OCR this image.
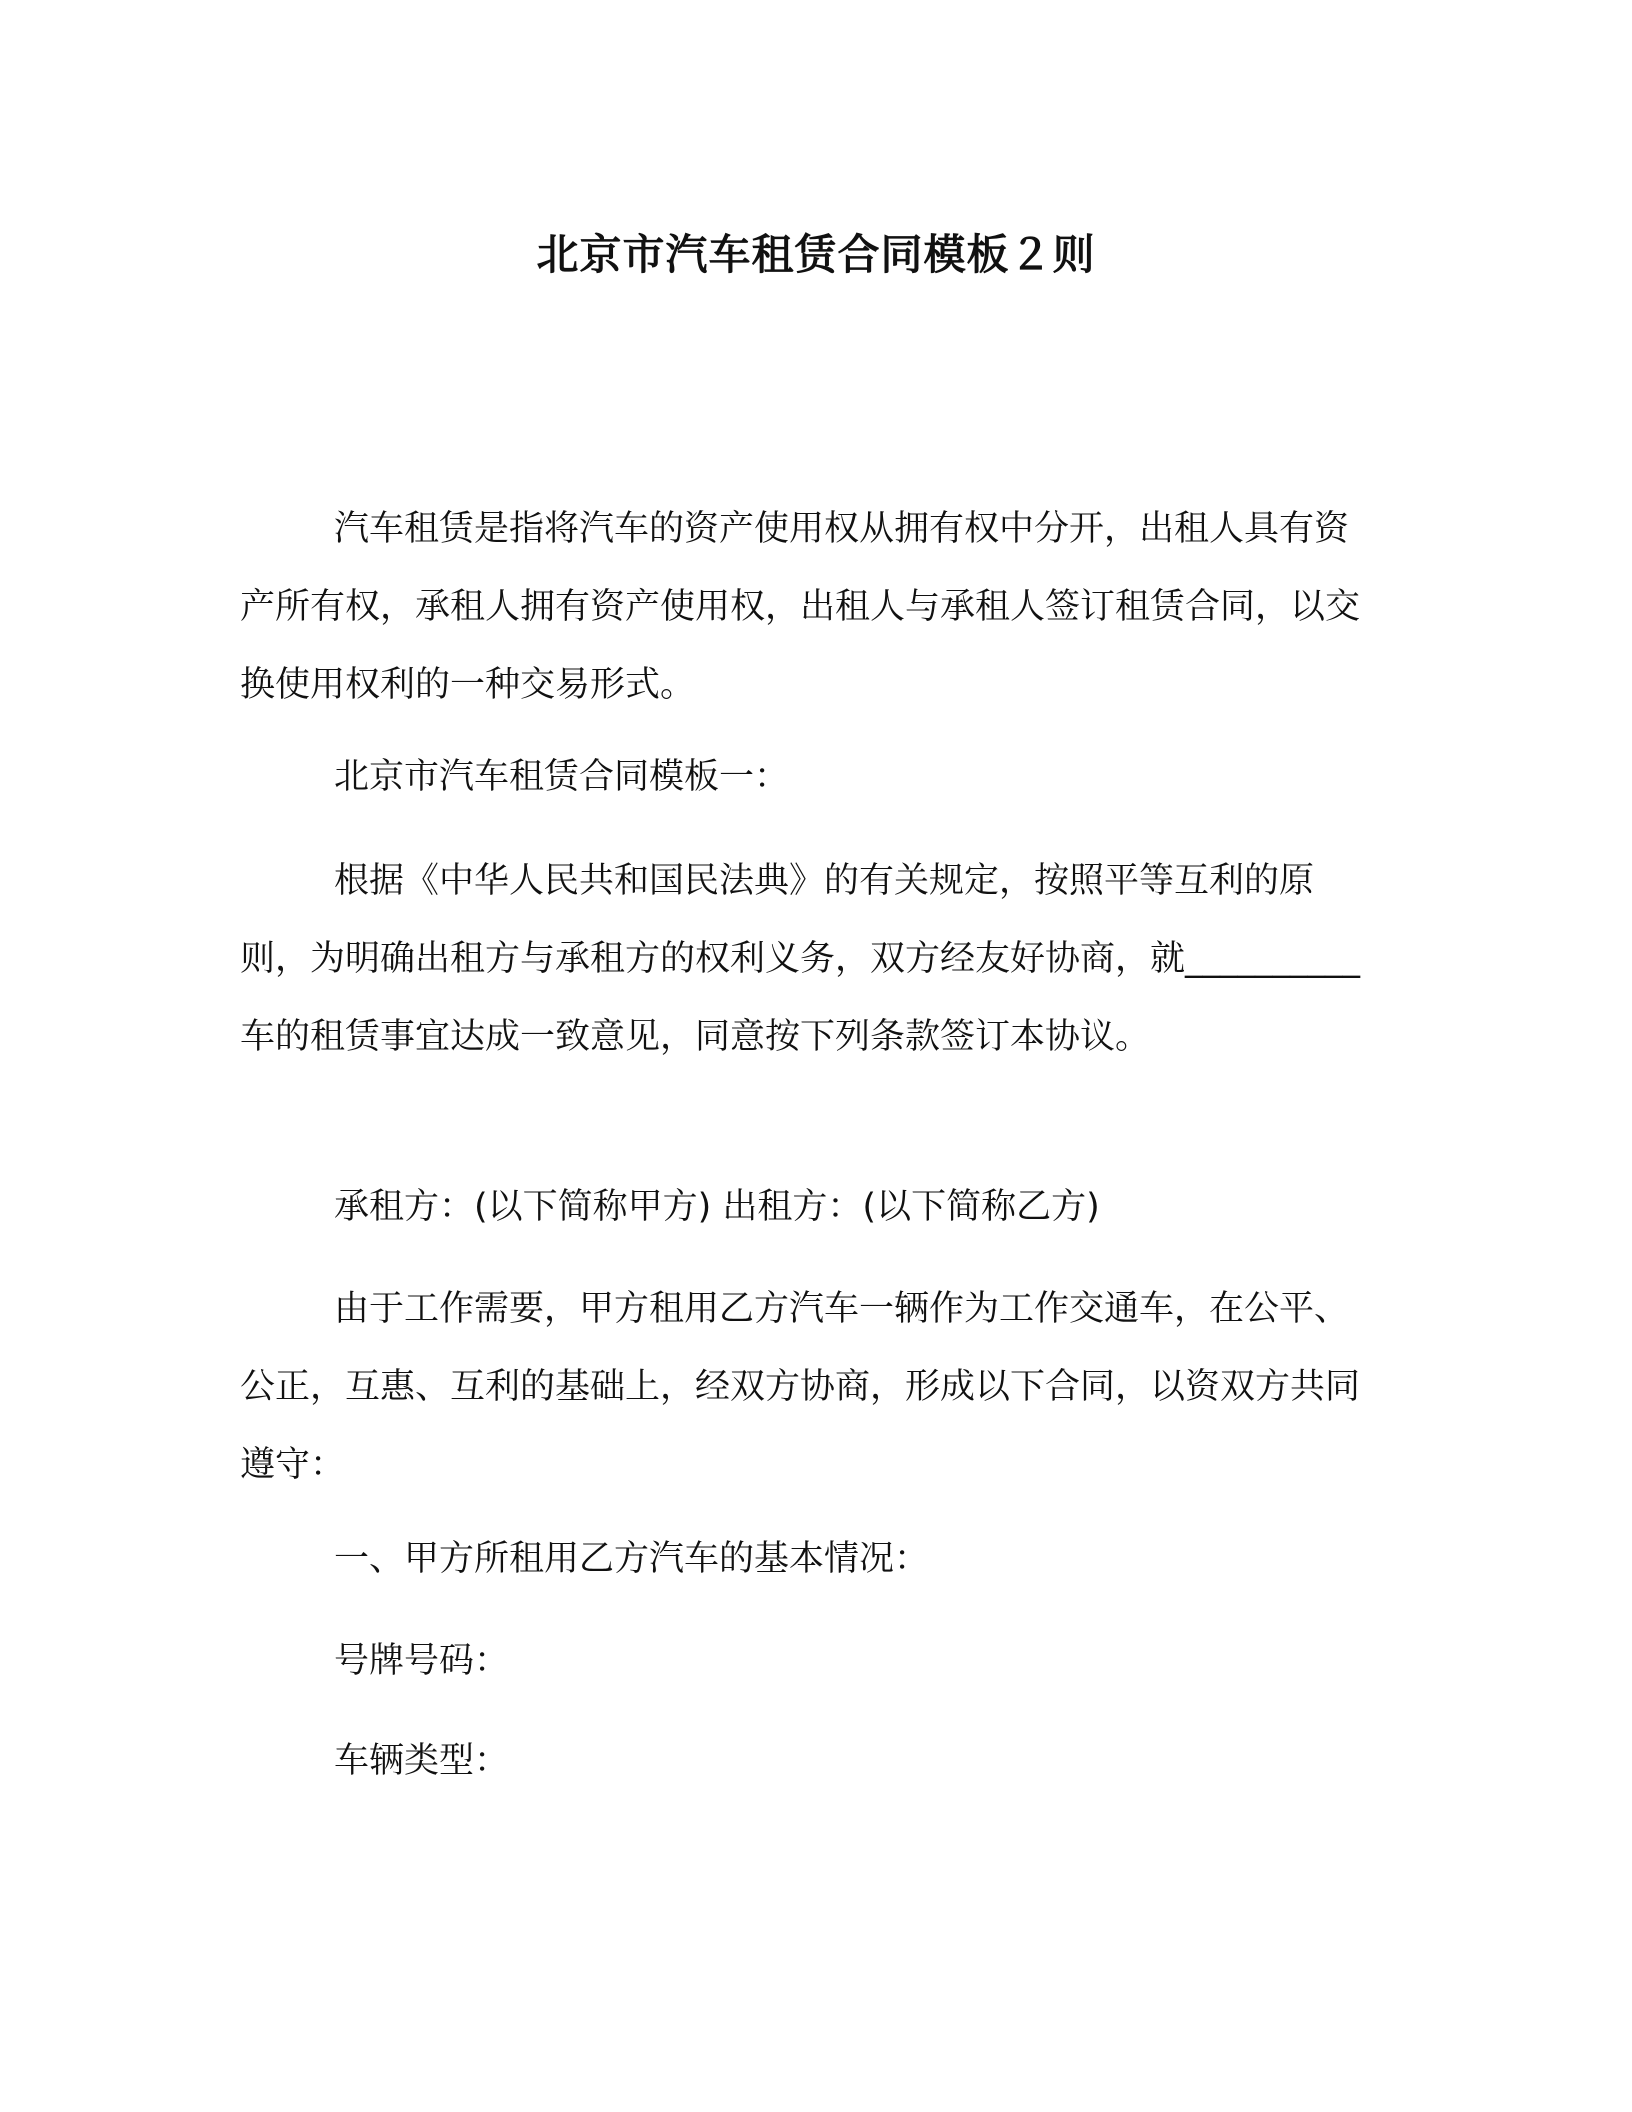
北京市汽车租赁合同模板２则

汽车租赁是指将汽车的资产使用权从拥有权中分开，出租人具有资产所有权，承租人拥有资产使用权，出租人与承租人签订租赁合同，以交换使用权利的一种交易形式。

北京市汽车租赁合同模板一：

根据《中华人民共和国民法典》的有关规定，按照平等互利的原则，为明确出租方与承租方的权利义务，双方经友好协商，就__________车的租赁事宜达成一致意见，同意按下列条款签订本协议。

承租方：(以下简称甲方) 出租方：(以下简称乙方)

由于工作需要，甲方租用乙方汽车一辆作为工作交通车，在公平、公正，互惠、互利的基础上，经双方协商，形成以下合同，以资双方共同遵守：

一、甲方所租用乙方汽车的基本情况：

号牌号码：

车辆类型：
